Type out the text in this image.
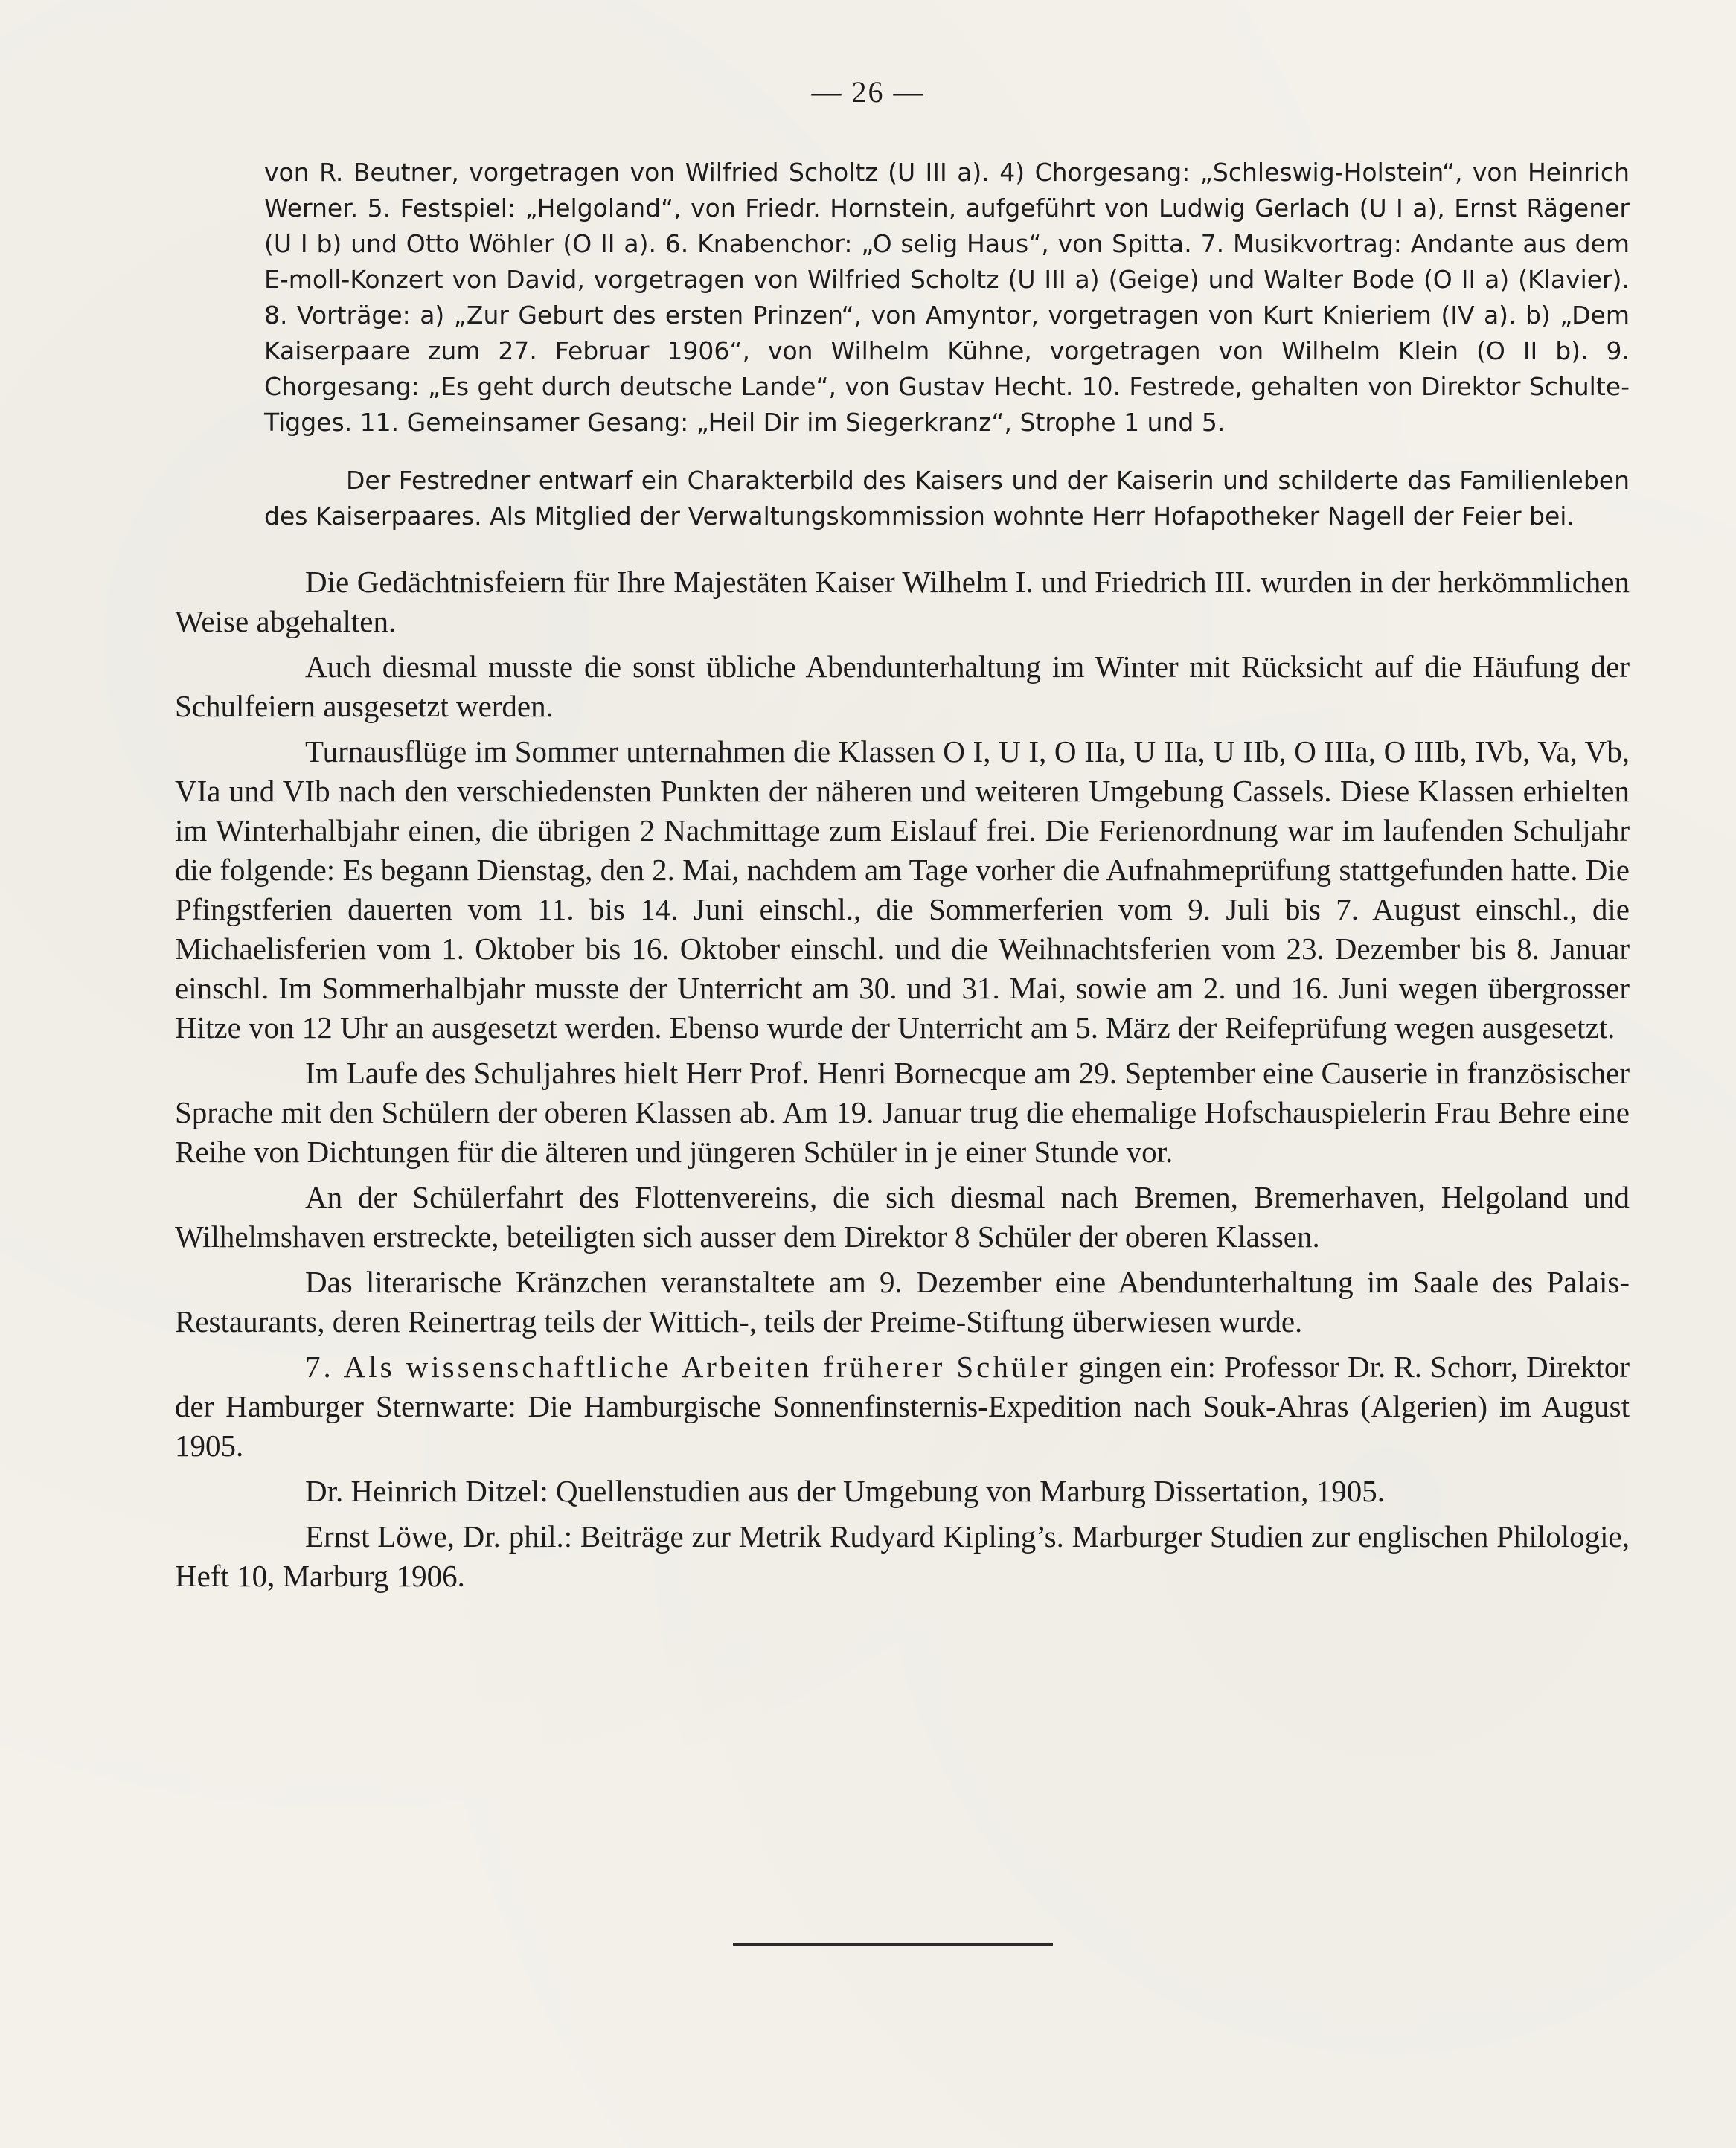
— 26 —

von R. Beutner, vorgetragen von Wilfried Scholtz (U III a). 4) Chorgesang: „Schleswig-Holstein“, von Heinrich Werner. 5. Festspiel: „Helgoland“, von Friedr. Hornstein, aufgeführt von Ludwig Gerlach (U I a), Ernst Rägener (U I b) und Otto Wöhler (O II a). 6. Knabenchor: „O selig Haus“, von Spitta. 7. Musikvortrag: Andante aus dem E-moll-Konzert von David, vorgetragen von Wilfried Scholtz (U III a) (Geige) und Walter Bode (O II a) (Klavier). 8. Vorträge: a) „Zur Geburt des ersten Prinzen“, von Amyntor, vorgetragen von Kurt Knieriem (IV a). b) „Dem Kaiserpaare zum 27. Februar 1906“, von Wilhelm Kühne, vorgetragen von Wilhelm Klein (O II b). 9. Chorgesang: „Es geht durch deutsche Lande“, von Gustav Hecht. 10. Festrede, gehalten von Direktor Schulte-Tigges. 11. Gemeinsamer Gesang: „Heil Dir im Siegerkranz“, Strophe 1 und 5.

Der Festredner entwarf ein Charakterbild des Kaisers und der Kaiserin und schilderte das Familienleben des Kaiserpaares. Als Mitglied der Verwaltungskommission wohnte Herr Hofapotheker Nagell der Feier bei.

Die Gedächtnisfeiern für Ihre Majestäten Kaiser Wilhelm I. und Friedrich III. wurden in der herkömmlichen Weise abgehalten.

Auch diesmal musste die sonst übliche Abendunterhaltung im Winter mit Rücksicht auf die Häufung der Schulfeiern ausgesetzt werden.

Turnausflüge im Sommer unternahmen die Klassen O I, U I, O IIa, U IIa, U IIb, O IIIa, O IIIb, IVb, Va, Vb, VIa und VIb nach den verschiedensten Punkten der näheren und weiteren Umgebung Cassels. Diese Klassen erhielten im Winterhalbjahr einen, die übrigen 2 Nachmittage zum Eislauf frei. Die Ferienordnung war im laufenden Schuljahr die folgende: Es begann Dienstag, den 2. Mai, nachdem am Tage vorher die Aufnahmeprüfung stattgefunden hatte. Die Pfingstferien dauerten vom 11. bis 14. Juni einschl., die Sommerferien vom 9. Juli bis 7. August einschl., die Michaelisferien vom 1. Oktober bis 16. Oktober einschl. und die Weihnachtsferien vom 23. Dezember bis 8. Januar einschl. Im Sommerhalbjahr musste der Unterricht am 30. und 31. Mai, sowie am 2. und 16. Juni wegen übergrosser Hitze von 12 Uhr an ausgesetzt werden. Ebenso wurde der Unterricht am 5. März der Reifeprüfung wegen ausgesetzt.

Im Laufe des Schuljahres hielt Herr Prof. Henri Bornecque am 29. September eine Causerie in französischer Sprache mit den Schülern der oberen Klassen ab. Am 19. Januar trug die ehemalige Hofschauspielerin Frau Behre eine Reihe von Dichtungen für die älteren und jüngeren Schüler in je einer Stunde vor.

An der Schülerfahrt des Flottenvereins, die sich diesmal nach Bremen, Bremerhaven, Helgoland und Wilhelmshaven erstreckte, beteiligten sich ausser dem Direktor 8 Schüler der oberen Klassen.

Das literarische Kränzchen veranstaltete am 9. Dezember eine Abendunterhaltung im Saale des Palais-Restaurants, deren Reinertrag teils der Wittich-, teils der Preime-Stiftung überwiesen wurde.

7. Als wissenschaftliche Arbeiten früherer Schüler gingen ein: Professor Dr. R. Schorr, Direktor der Hamburger Sternwarte: Die Hamburgische Sonnenfinsternis-Expedition nach Souk-Ahras (Algerien) im August 1905.

Dr. Heinrich Ditzel: Quellenstudien aus der Umgebung von Marburg Dissertation, 1905.

Ernst Löwe, Dr. phil.: Beiträge zur Metrik Rudyard Kipling’s. Marburger Studien zur englischen Philologie, Heft 10, Marburg 1906.
